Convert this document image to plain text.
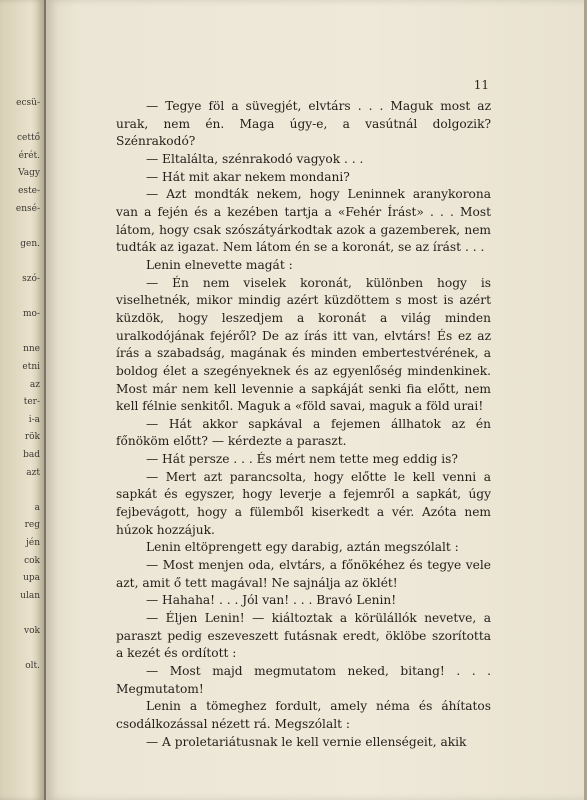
ecsü-
cettő
érét.
Vagy
este-
ensé-
gen.
szó-
mo-
nne
etni
az
ter-
i-a
rök
bad
azt
a
reg
jén
cok
upa
ulan
vok
olt.
11

— Tegye föl a süvegjét, elvtárs . . . Maguk most az urak, nem én. Maga úgy-e, a vasútnál dolgozik? Szénrakodó?

— Eltalálta, szénrakodó vagyok . . .

— Hát mit akar nekem mondani?

— Azt mondták nekem, hogy Leninnek aranykorona van a fején és a kezében tartja a «Fehér Írást» . . . Most látom, hogy csak szószátyárkodtak azok a gazemberek, nem tudták az igazat. Nem látom én se a koronát, se az írást . . .

Lenin elnevette magát :

— Én nem viselek koronát, különben hogy is viselhetnék, mikor mindig azért küzdöttem s most is azért küzdök, hogy leszedjem a koronát a világ minden uralkodójának fejéről? De az írás itt van, elvtárs! És ez az írás a szabadság, magának és minden embertestvérének, a boldog élet a szegényeknek és az egyenlőség mindenkinek. Most már nem kell levennie a sapkáját senki fia előtt, nem kell félnie senkitől. Maguk a «föld savai, maguk a föld urai!

— Hát akkor sapkával a fejemen állhatok az én főnököm előtt? — kérdezte a paraszt.

— Hát persze . . . És mért nem tette meg eddig is?

— Mert azt parancsolta, hogy előtte le kell venni a sapkát és egyszer, hogy leverje a fejemről a sapkát, úgy fejbevágott, hogy a fülemből kiserkedt a vér. Azóta nem húzok hozzájuk.

Lenin eltöprengett egy darabig, aztán megszólalt :

— Most menjen oda, elvtárs, a főnökéhez és tegye vele azt, amit ő tett magával! Ne sajnálja az öklét!

— Hahaha! . . . Jól van! . . . Bravó Lenin!

— Éljen Lenin! — kiáltoztak a körülállók nevetve, a paraszt pedig eszeveszett futásnak eredt, öklöbe szorította a kezét és ordított :

— Most majd megmutatom neked, bitang! . . . Megmutatom!

Lenin a tömeghez fordult, amely néma és áhítatos csodálkozással nézett rá. Megszólalt :

— A proletariátusnak le kell vernie ellenségeit, akik
